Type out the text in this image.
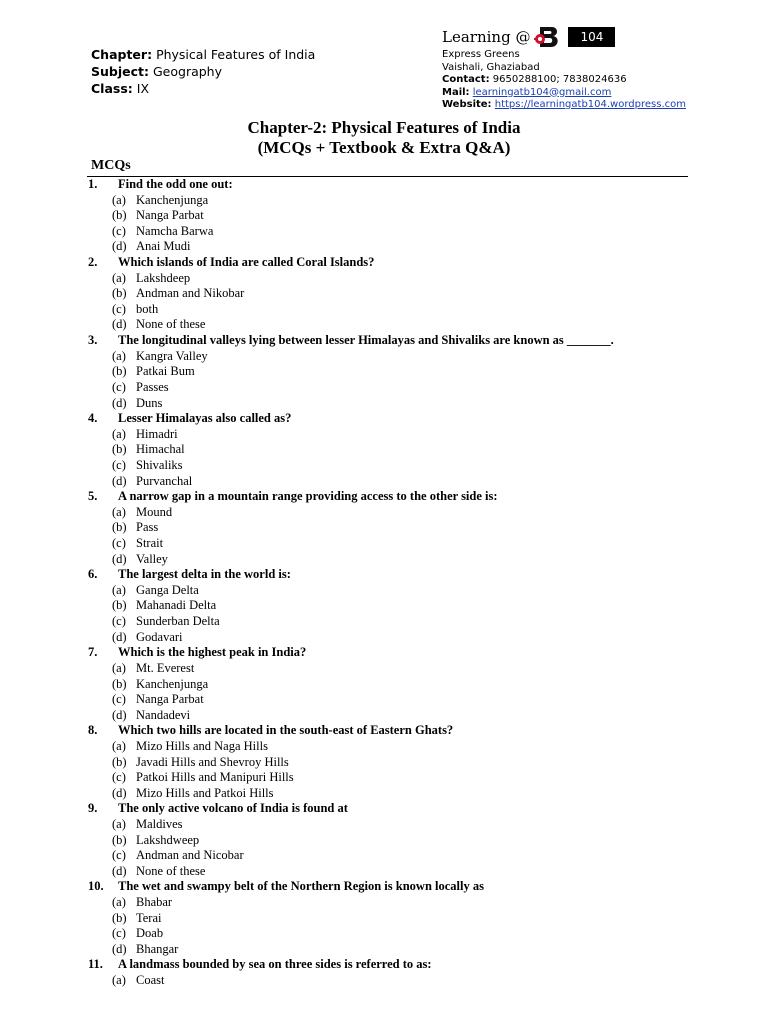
Chapter: Physical Features of India
Subject: Geography
Class: IX
Learning @	104
Express Greens
Vaishali, Ghaziabad
Contact: 9650288100; 7838024636
Mail: learningatb104@gmail.com
Website: https://learningatb104.wordpress.com
Chapter-2: Physical Features of India
(MCQs + Textbook & Extra Q&A)
MCQs
1. Find the odd one out:
(a) Kanchenjunga
(b) Nanga Parbat
(c) Namcha Barwa
(d) Anai Mudi
2. Which islands of India are called Coral Islands?
(a) Lakshdeep
(b) Andman and Nikobar
(c) both
(d) None of these
3. The longitudinal valleys lying between lesser Himalayas and Shivaliks are known as _______.
(a) Kangra Valley
(b) Patkai Bum
(c) Passes
(d) Duns
4. Lesser Himalayas also called as?
(a) Himadri
(b) Himachal
(c) Shivaliks
(d) Purvanchal
5. A narrow gap in a mountain range providing access to the other side is:
(a) Mound
(b) Pass
(c) Strait
(d) Valley
6. The largest delta in the world is:
(a) Ganga Delta
(b) Mahanadi Delta
(c) Sunderban Delta
(d) Godavari
7. Which is the highest peak in India?
(a) Mt. Everest
(b) Kanchenjunga
(c) Nanga Parbat
(d) Nandadevi
8. Which two hills are located in the south-east of Eastern Ghats?
(a) Mizo Hills and Naga Hills
(b) Javadi Hills and Shevroy Hills
(c) Patkoi Hills and Manipuri Hills
(d) Mizo Hills and Patkoi Hills
9. The only active volcano of India is found at
(a) Maldives
(b) Lakshdweep
(c) Andman and Nicobar
(d) None of these
10. The wet and swampy belt of the Northern Region is known locally as
(a) Bhabar
(b) Terai
(c) Doab
(d) Bhangar
11. A landmass bounded by sea on three sides is referred to as:
(a) Coast
